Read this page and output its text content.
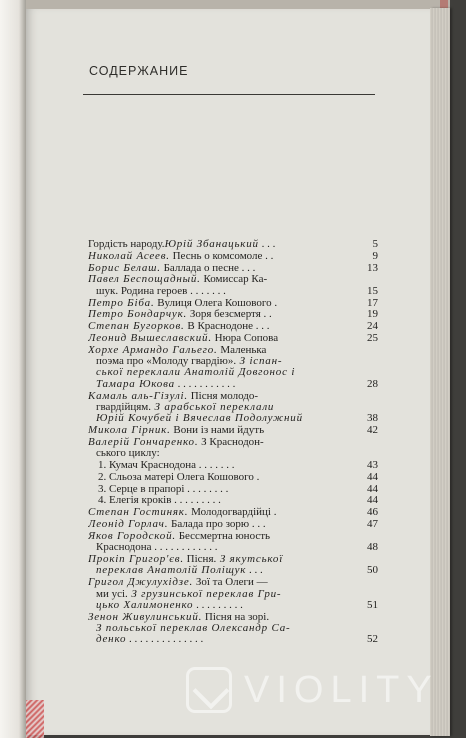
СОДЕРЖАНИЕ
Гордість народу.Юрій Збанацький . . .	5
Николай Асеев. Песнь о комсомоле . .	9
Борис Белаш. Баллада о песне . . .	13
Павел Беспощадный. Комиссар Ка-
шук. Родина героев . . . . . . .	15
Петро Біба. Вулиця Олега Кошового .	17
Петро Бондарчук. Зоря безсмертя . .	19
Степан Бугорков. В Краснодоне . . .	24
Леонид Вышеславский. Нюра Сопова	25
Хорхе Армандо Гальего. Маленька
поэма про «Молоду гвардію». З іспан-
ської переклали Анатолій Довгонос і
Тамара Юкова . . . . . . . . . . .	28
Камаль аль-Гізулі. Пісня молодо-
гвардійцям. З арабської переклали
Юрій Кочубей і Вячеслав Подолужний	38
Микола Гірник. Вони із нами йдуть	42
Валерій Гончаренко. З Краснодон-
ського циклу:
1. Кумач Краснодона . . . . . . .	43
2. Сльоза матері Олега Кошового .	44
3. Серце в прапорі . . . . . . . .	44
4. Елегія кроків . . . . . . . . .	44
Степан Гостиняк. Молодогвардійці .	46
Леонід Горлач. Балада про зорю . . .	47
Яков Городской. Бессмертна юность
Краснодона . . . . . . . . . . . .	48
Прокіп Григор'єв. Пісня. З якутської
переклав Анатолій Поліщук . . .	50
Григол Джулухідзе. Зої та Олеги —
ми усі. З грузинської переклав Гри-
цько Халимоненко . . . . . . . . .	51
Зенон Живулинський. Пісня на зорі.
З польської переклав Олександр Са-
денко . . . . . . . . . . . . . .	52
VIOLITY
